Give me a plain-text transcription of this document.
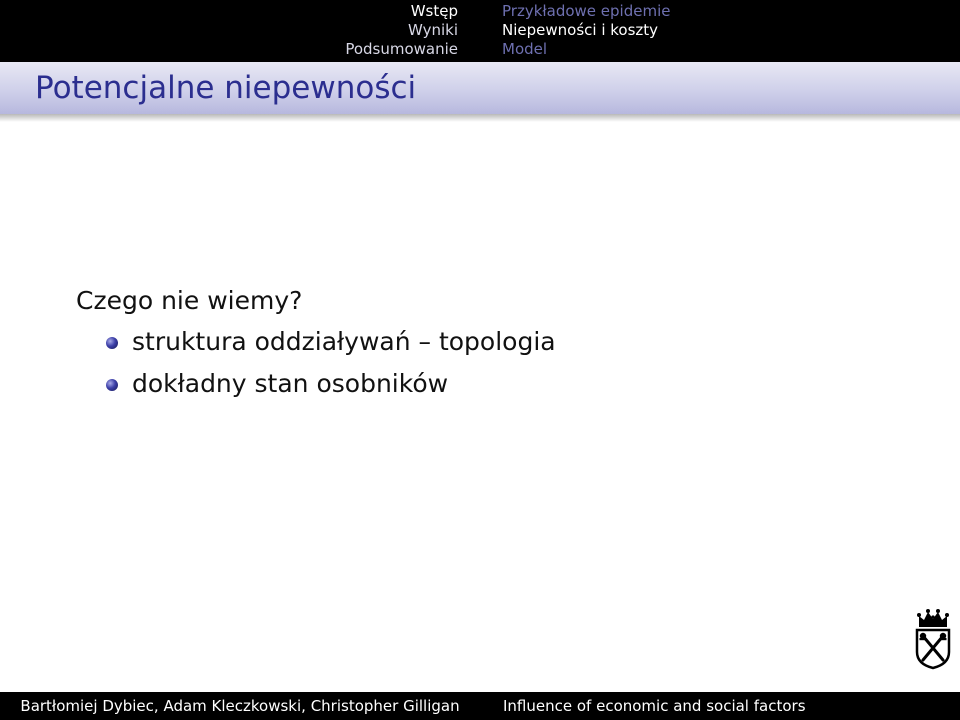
Wstęp
Wyniki
Podsumowanie
Przykładowe epidemie
Niepewności i koszty
Model
Potencjalne niepewności
Czego nie wiemy?
struktura oddziaływań – topologia
dokładny stan osobników
Bartłomiej Dybiec, Adam Kleczkowski, Christopher Gilligan	Influence of economic and social factors
